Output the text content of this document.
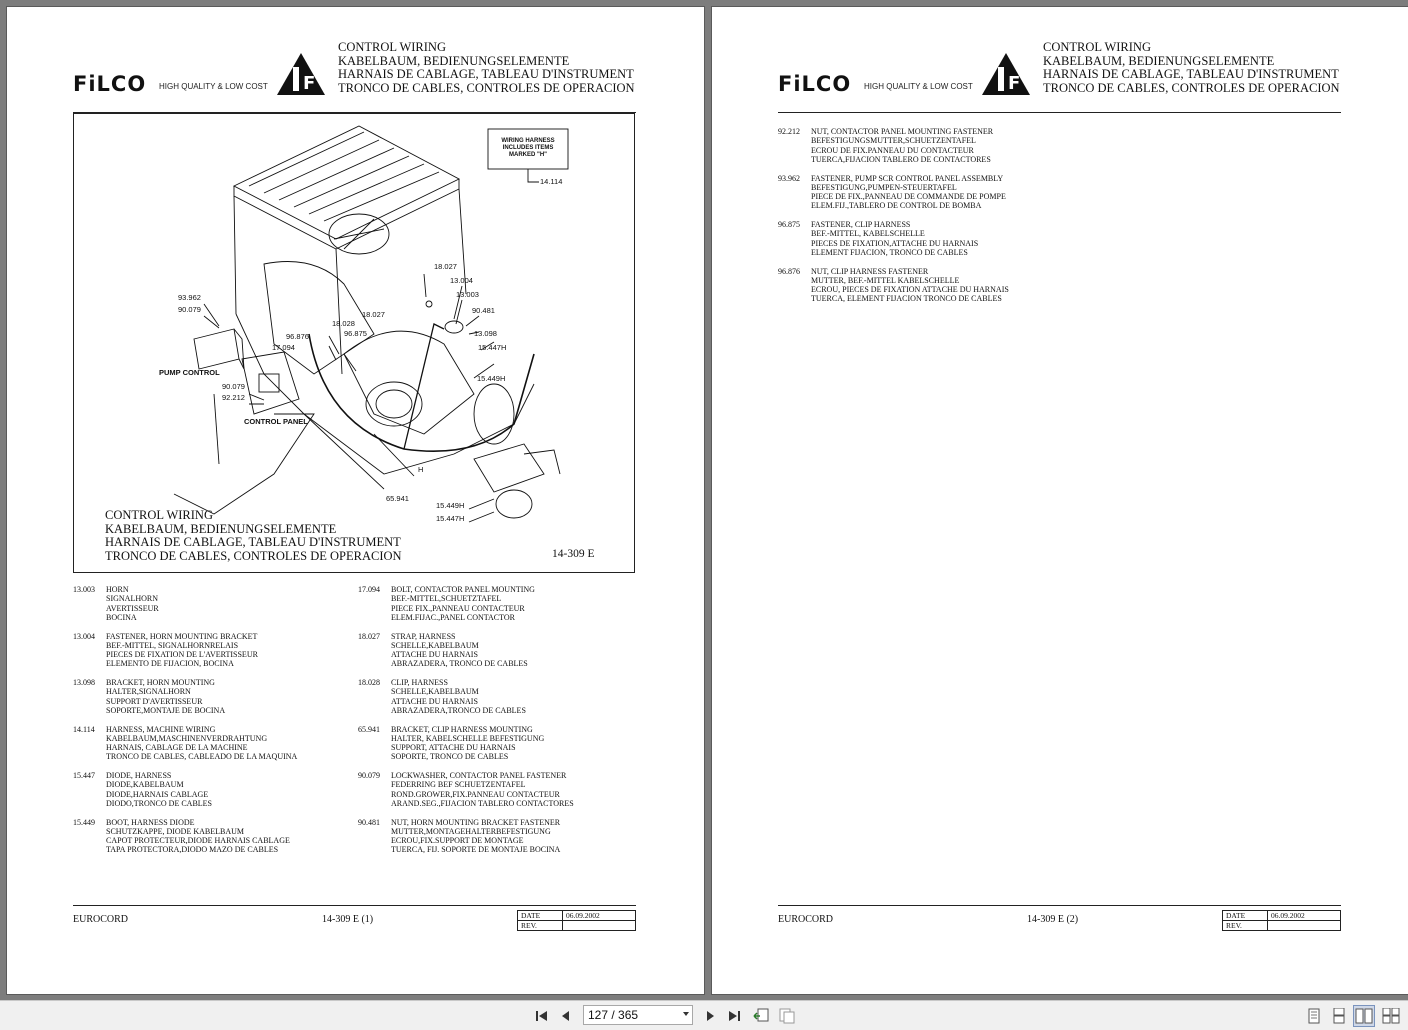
FiLCO HIGH QUALITY & LOW COST F
CONTROL WIRING
KABELBAUM, BEDIENUNGSELEMENTE
HARNAIS DE CABLAGE, TABLEAU D'INSTRUMENT
TRONCO DE CABLES, CONTROLES DE OPERACION
WIRING HARNESS
INCLUDES ITEMS
MARKED "H"
14.114
18.027
13.004
13.003
90.481
13.098
15.447H
15.449H
93.962
90.079
18.028
18.027
96.876	96.875
17.094
PUMP CONTROL
90.079
92.212
CONTROL PANEL
H
65.941
15.449H
15.447H
CONTROL WIRING
KABELBAUM, BEDIENUNGSELEMENTE
HARNAIS DE CABLAGE, TABLEAU D'INSTRUMENT
TRONCO DE CABLES, CONTROLES DE OPERACION	14-309 E
13.003 HORN
SIGNALHORN
AVERTISSEUR
BOCINA
13.004 FASTENER, HORN MOUNTING BRACKET
BEF.-MITTEL, SIGNALHORNRELAIS
PIECES DE FIXATION DE L'AVERTISSEUR
ELEMENTO DE FIJACION, BOCINA
13.098 BRACKET, HORN MOUNTING
HALTER,SIGNALHORN
SUPPORT D'AVERTISSEUR
SOPORTE,MONTAJE DE BOCINA
14.114 HARNESS, MACHINE WIRING
KABELBAUM,MASCHINENVERDRAHTUNG
HARNAIS, CABLAGE DE LA MACHINE
TRONCO DE CABLES, CABLEADO DE LA MAQUINA
15.447 DIODE, HARNESS
DIODE,KABELBAUM
DIODE,HARNAIS CABLAGE
DIODO,TRONCO DE CABLES
15.449 BOOT, HARNESS DIODE
SCHUTZKAPPE, DIODE KABELBAUM
CAPOT PROTECTEUR,DIODE HARNAIS CABLAGE
TAPA PROTECTORA,DIODO MAZO DE CABLES
17.094 BOLT, CONTACTOR PANEL MOUNTING
BEF.-MITTEL,SCHUETZTAFEL
PIECE FIX.,PANNEAU CONTACTEUR
ELEM.FIJAC.,PANEL CONTACTOR
18.027 STRAP, HARNESS
SCHELLE,KABELBAUM
ATTACHE DU HARNAIS
ABRAZADERA, TRONCO DE CABLES
18.028 CLIP, HARNESS
SCHELLE,KABELBAUM
ATTACHE DU HARNAIS
ABRAZADERA,TRONCO DE CABLES
65.941 BRACKET, CLIP HARNESS MOUNTING
HALTER, KABELSCHELLE BEFESTIGUNG
SUPPORT, ATTACHE DU HARNAIS
SOPORTE, TRONCO DE CABLES
90.079 LOCKWASHER, CONTACTOR PANEL FASTENER
FEDERRING BEF SCHUETZENTAFEL
ROND.GROWER,FIX.PANNEAU CONTACTEUR
ARAND.SEG.,FIJACION TABLERO CONTACTORES
90.481 NUT, HORN MOUNTING BRACKET FASTENER
MUTTER,MONTAGEHALTERBEFESTIGUNG
ECROU,FIX.SUPPORT DE MONTAGE
TUERCA, FIJ. SOPORTE DE MONTAJE BOCINA
EUROCORD	14-309 E (1)	DATE	06.09.2002
REV.	
FiLCO HIGH QUALITY & LOW COST F
CONTROL WIRING
KABELBAUM, BEDIENUNGSELEMENTE
HARNAIS DE CABLAGE, TABLEAU D'INSTRUMENT
TRONCO DE CABLES, CONTROLES DE OPERACION
92.212 NUT, CONTACTOR PANEL MOUNTING FASTENER
BEFESTIGUNGSMUTTER,SCHUETZENTAFEL
ECROU DE FIX.PANNEAU DU CONTACTEUR
TUERCA,FIJACION TABLERO DE CONTACTORES
93.962 FASTENER, PUMP SCR CONTROL PANEL ASSEMBLY
BEFESTIGUNG,PUMPEN-STEUERTAFEL
PIECE DE FIX.,PANNEAU DE COMMANDE DE POMPE
ELEM.FIJ.,TABLERO DE CONTROL DE BOMBA
96.875 FASTENER, CLIP HARNESS
BEF.-MITTEL, KABELSCHELLE
PIECES DE FIXATION,ATTACHE DU HARNAIS
ELEMENT FIJACION, TRONCO DE CABLES
96.876 NUT, CLIP HARNESS FASTENER
MUTTER, BEF.-MITTEL KABELSCHELLE
ECROU, PIECES DE FIXATION ATTACHE DU HARNAIS
TUERCA, ELEMENT FIJACION TRONCO DE CABLES
EUROCORD	14-309 E (2)	DATE	06.09.2002
REV.	
127 / 365
